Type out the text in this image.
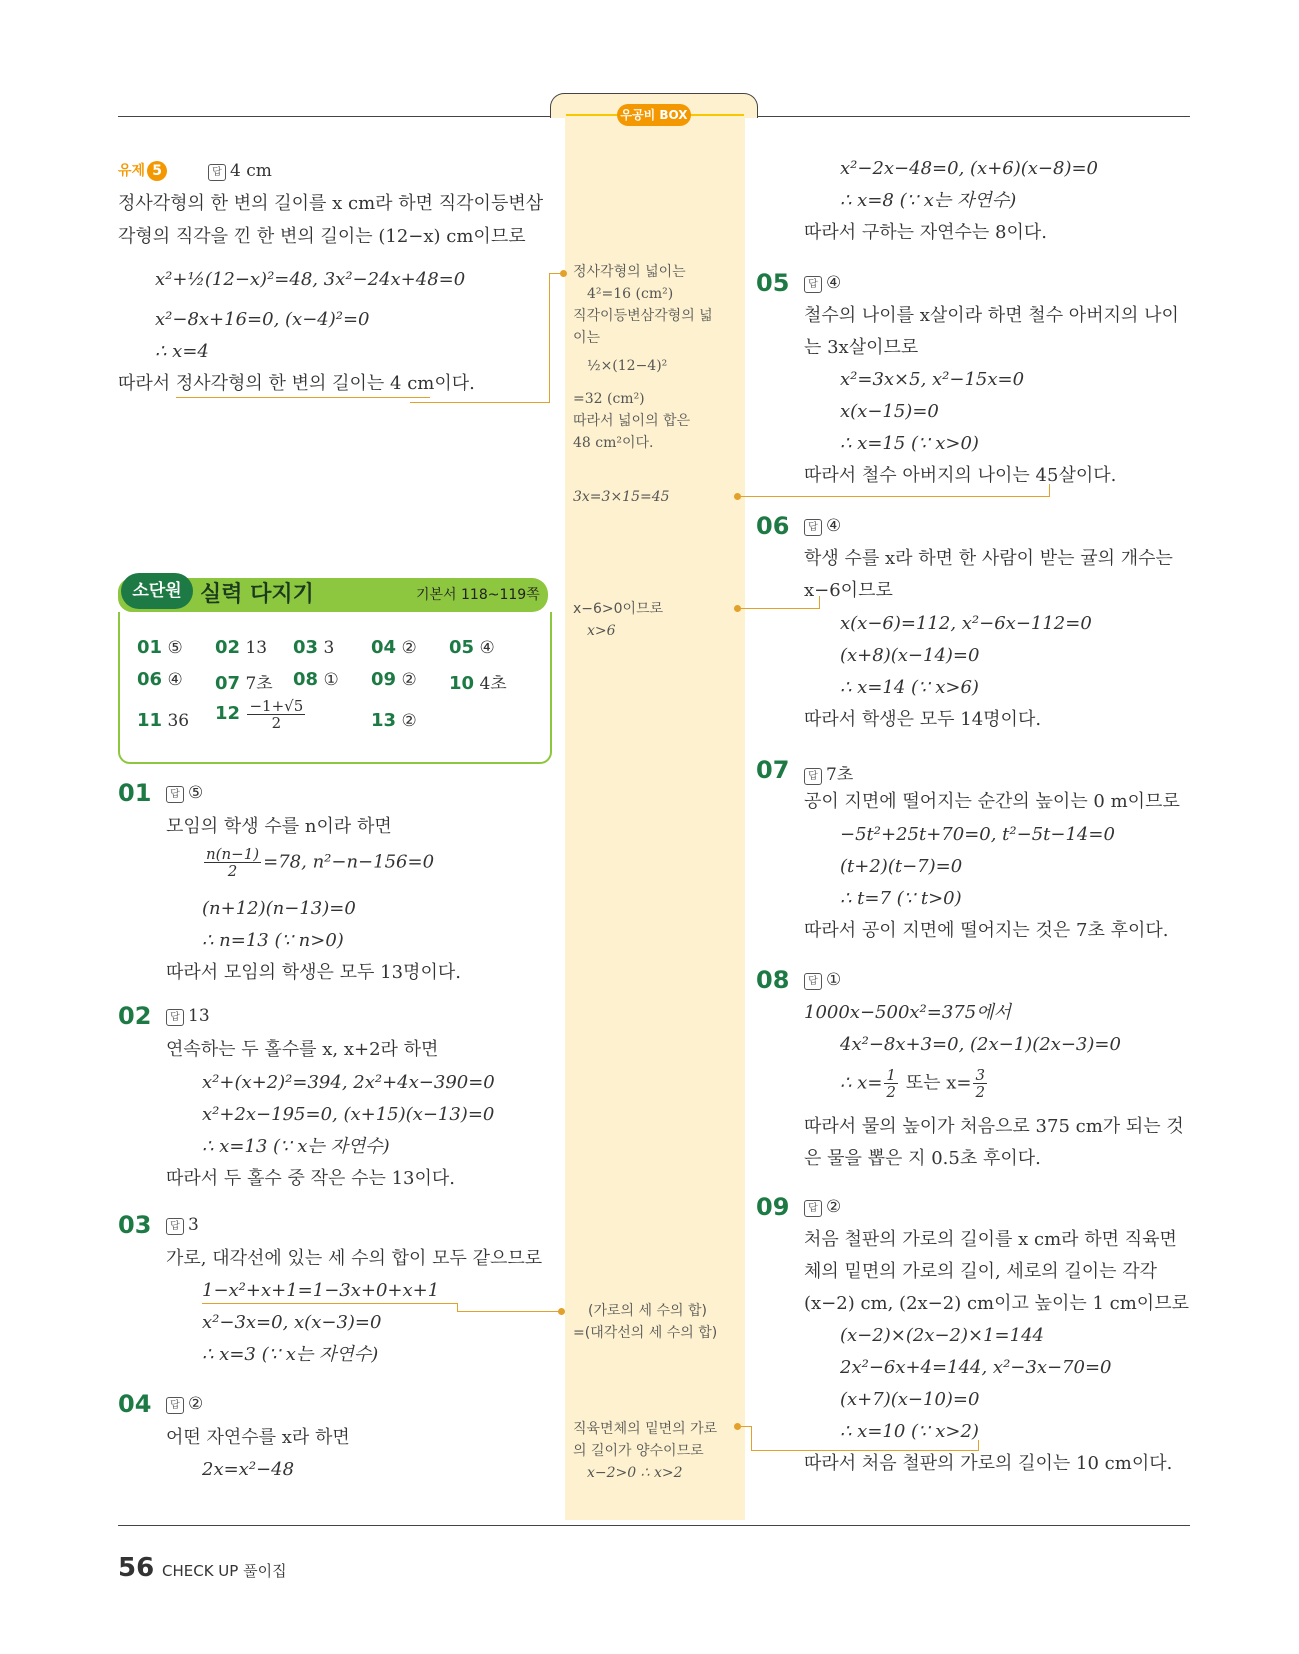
우공비 BOX
유제 5	답 4 cm
정사각형의 한 변의 길이를 x cm라 하면 직각이등변삼
각형의 직각을 낀 한 변의 길이는 (12−x) cm이므로
x²+½(12−x)²=48, 3x²−24x+48=0
x²−8x+16=0, (x−4)²=0
∴ x=4
따라서 정사각형의 한 변의 길이는 4 cm이다.
소단원 실력 다지기	기본서 118~119쪽
01 ⑤ 02 13 03 3 04 ② 05 ④
06 ④ 07 7초 08 ① 09 ② 10 4초
11 36 $12 \frac{-1+√5}{2}$	13 ②
01	답 ⑤
모임의 학생 수를 n이라 하면
$\frac{n(n-1)}{2} =78$, n²−n−156=0
(n+12)(n−13)=0
∴ n=13 (∵ n>0)
따라서 모임의 학생은 모두 13명이다.
02	답 13
연속하는 두 홀수를 x, x+2라 하면
x²+(x+2)²=394, 2x²+4x−390=0
x²+2x−195=0, (x+15)(x−13)=0
∴ x=13 (∵ x는 자연수)
따라서 두 홀수 중 작은 수는 13이다.
03	답 3
가로, 대각선에 있는 세 수의 합이 모두 같으므로
1−x²+x+1=1−3x+0+x+1
x²−3x=0, x(x−3)=0
∴ x=3 (∵ x는 자연수)
04	답 ②
어떤 자연수를 x라 하면
2x=x²−48
정사각형의 넓이는
4²=16 (cm²)
직각이등변삼각형의 넓
이는
½×(12−4)²
=32 (cm²)
따라서 넓이의 합은
48 cm²이다.
3x=3×15=45
x−6>0이므로
x>6
(가로의 세 수의 합)
=(대각선의 세 수의 합)
직육면체의 밑면의 가로
의 길이가 양수이므로
x−2>0 ∴ x>2
x²−2x−48=0, (x+6)(x−8)=0
∴ x=8 (∵ x는 자연수)
따라서 구하는 자연수는 8이다.
05	답 ④
철수의 나이를 x살이라 하면 철수 아버지의 나이
는 3x살이므로
x²=3x×5, x²−15x=0
x(x−15)=0
∴ x=15 (∵ x>0)
따라서 철수 아버지의 나이는 45살이다.
06	답 ④
학생 수를 x라 하면 한 사람이 받는 귤의 개수는
x−6이므로
x(x−6)=112, x²−6x−112=0
(x+8)(x−14)=0
∴ x=14 (∵ x>6)
따라서 학생은 모두 14명이다.
07	답 7초
공이 지면에 떨어지는 순간의 높이는 0 m이므로
−5t²+25t+70=0, t²−5t−14=0
(t+2)(t−7)=0
∴ t=7 (∵ t>0)
따라서 공이 지면에 떨어지는 것은 7초 후이다.
08	답 ①
1000x−500x²=375에서
4x²−8x+3=0, (2x−1)(2x−3)=0
∴ $x= \frac{1}{2}$ 또는 $x= \frac{3}{2}$
따라서 물의 높이가 처음으로 375 cm가 되는 것
은 물을 뽑은 지 0.5초 후이다.
09	답 ②
처음 철판의 가로의 길이를 x cm라 하면 직육면
체의 밑면의 가로의 길이, 세로의 길이는 각각
(x−2) cm, (2x−2) cm이고 높이는 1 cm이므로
(x−2)×(2x−2)×1=144
2x²−6x+4=144, x²−3x−70=0
(x+7)(x−10)=0
∴ x=10 (∵ x>2)
따라서 처음 철판의 가로의 길이는 10 cm이다.
56 CHECK UP 풀이집
